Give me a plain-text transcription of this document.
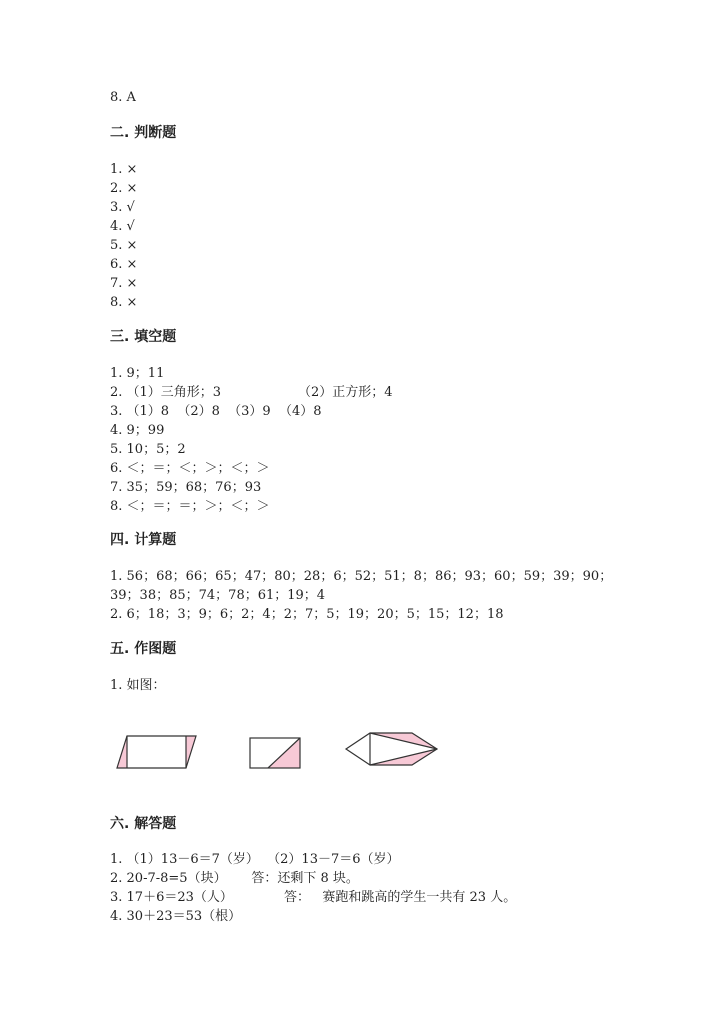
8. A
二. 判断题
1. ×
2. ×
3. √
4. √
5. ×
6. ×
7. ×
8. ×
三. 填空题
1. 9；11
2. （1）三角形；3	（2）正方形；4
3. （1）8  （2）8  （3）9  （4）8
4. 9；99
5. 10；5；2
6. ＜；＝；＜；＞；＜；＞
7. 35；59；68；76；93
8. ＜；＝；＝；＞；＜；＞
四. 计算题
1. 56；68；66；65；47；80；28；6；52；51；8；86；93；60；59；39；90；
39；38；85；74；78；61；19；4
2. 6；18；3；9；6；2；4；2；7；5；19；20；5；15；12；18
五. 作图题
1. 如图：
六. 解答题
1. （1）13－6＝7（岁）  （2）13－7＝6（岁）
2. 20-7-8=5（块）      答：还剩下 8 块。
3. 17＋6＝23（人）	答：   赛跑和跳高的学生一共有 23 人。
4. 30＋23＝53（根）
